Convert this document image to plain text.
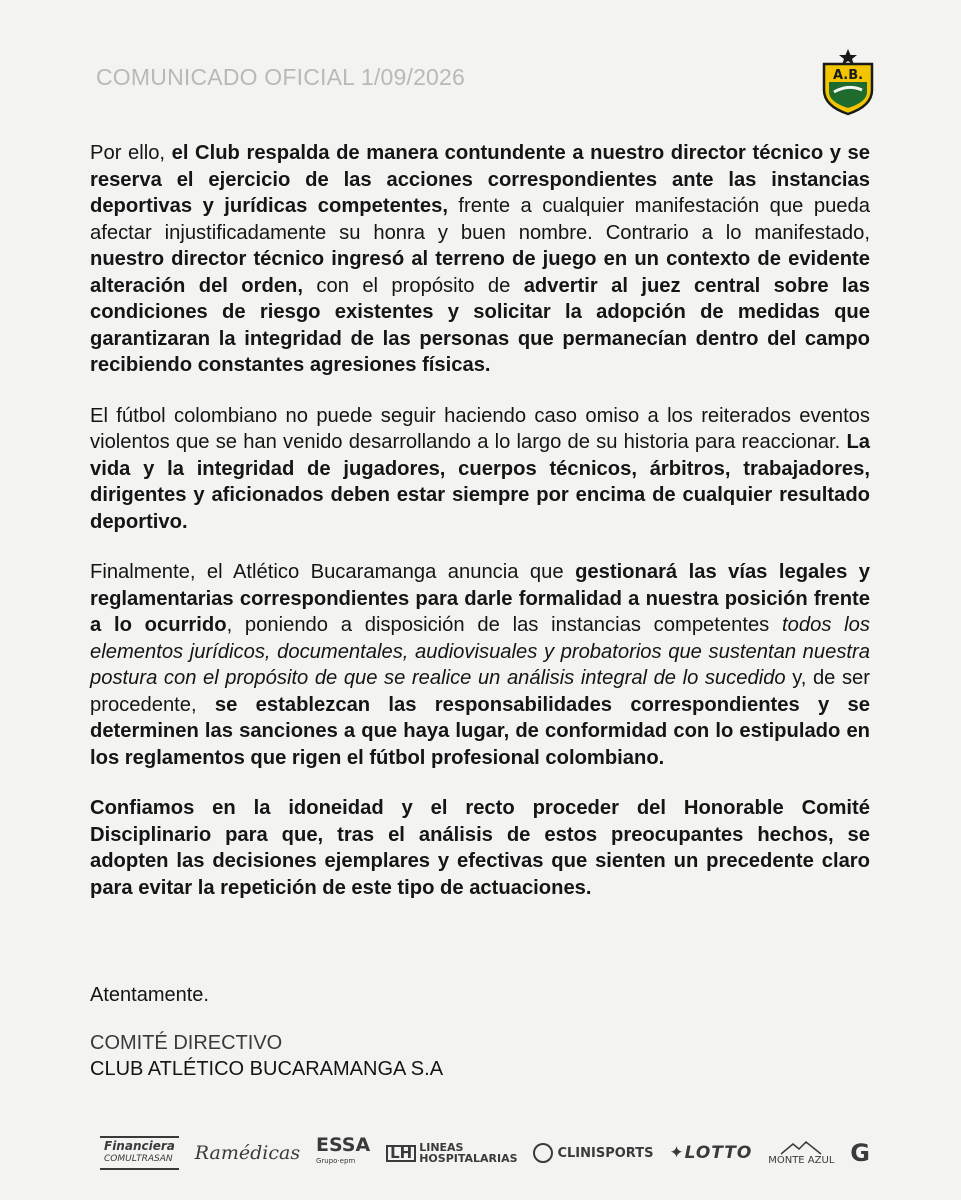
COMUNICADO OFICIAL 1/09/2026	A.B.

Por ello, el Club respalda de manera contundente a nuestro director técnico y se reserva el ejercicio de las acciones correspondientes ante las instancias deportivas y jurídicas competentes, frente a cualquier manifestación que pueda afectar injustificadamente su honra y buen nombre. Contrario a lo manifestado, nuestro director técnico ingresó al terreno de juego en un contexto de evidente alteración del orden, con el propósito de advertir al juez central sobre las condiciones de riesgo existentes y solicitar la adopción de medidas que garantizaran la integridad de las personas que permanecían dentro del campo recibiendo constantes agresiones físicas.

El fútbol colombiano no puede seguir haciendo caso omiso a los reiterados eventos violentos que se han venido desarrollando a lo largo de su historia para reaccionar. La vida y la integridad de jugadores, cuerpos técnicos, árbitros, trabajadores, dirigentes y aficionados deben estar siempre por encima de cualquier resultado deportivo.

Finalmente, el Atlético Bucaramanga anuncia que gestionará las vías legales y reglamentarias correspondientes para darle formalidad a nuestra posición frente a lo ocurrido, poniendo a disposición de las instancias competentes todos los elementos jurídicos, documentales, audiovisuales y probatorios que sustentan nuestra postura con el propósito de que se realice un análisis integral de lo sucedido y, de ser procedente, se establezcan las responsabilidades correspondientes y se determinen las sanciones a que haya lugar, de conformidad con lo estipulado en los reglamentos que rigen el fútbol profesional colombiano.

Confiamos en la idoneidad y el recto proceder del Honorable Comité Disciplinario para que, tras el análisis de estos preocupantes hechos, se adopten las decisiones ejemplares y efectivas que sienten un precedente claro para evitar la repetición de este tipo de actuaciones.

Atentamente.
COMITÉ DIRECTIVO
CLUB ATLÉTICO BUCARAMANGA S.A
Financiera
COMULTRASAN Ramédicas ESSA
Grupo·epm	LH LINEAS
HOSPITALARIAS	CLINISPORTS ✦LOTTO MONTE AZUL G
